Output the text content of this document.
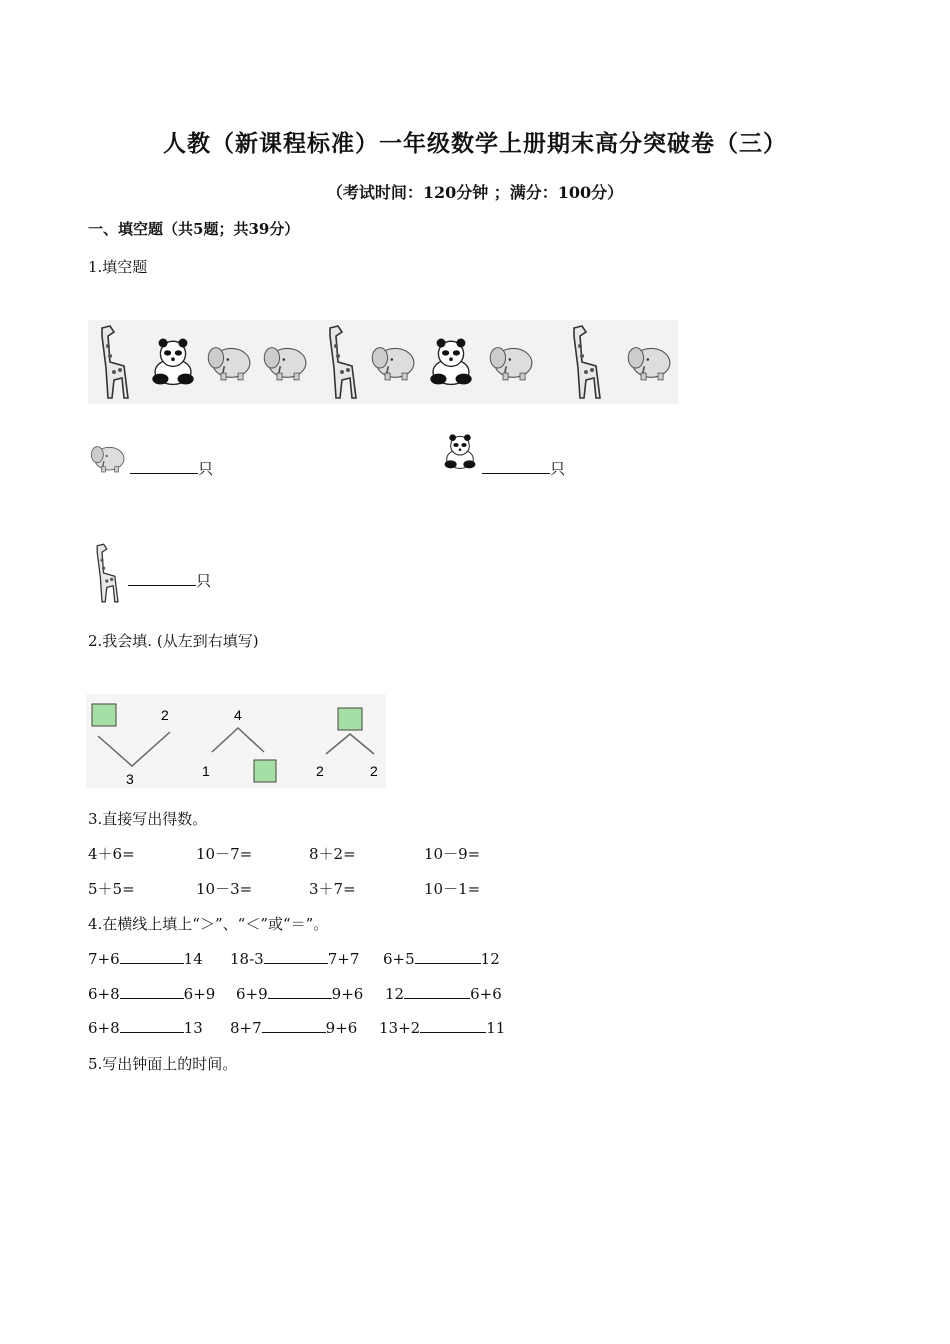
人教（新课程标准）一年级数学上册期末高分突破卷（三）
（考试时间：120分钟 ；满分：100分）
一、填空题（共5题；共39分）
1.填空题
只	只
只
2.我会填. (从左到右填写)
2
3
4
1	2	2
3.直接写出得数。
4＋6=	10－7=	8＋2=	10－9=
5＋5=	10－3=	3＋7=	10－1=
4.在横线上填上“＞”、“＜”或“＝”。
7+6	14 18-3	7+7 6+5	12
6+8	6+9 6+9	9+6 12	6+6
6+8	13 8+7	9+6 13+2	11
5.写出钟面上的时间。
